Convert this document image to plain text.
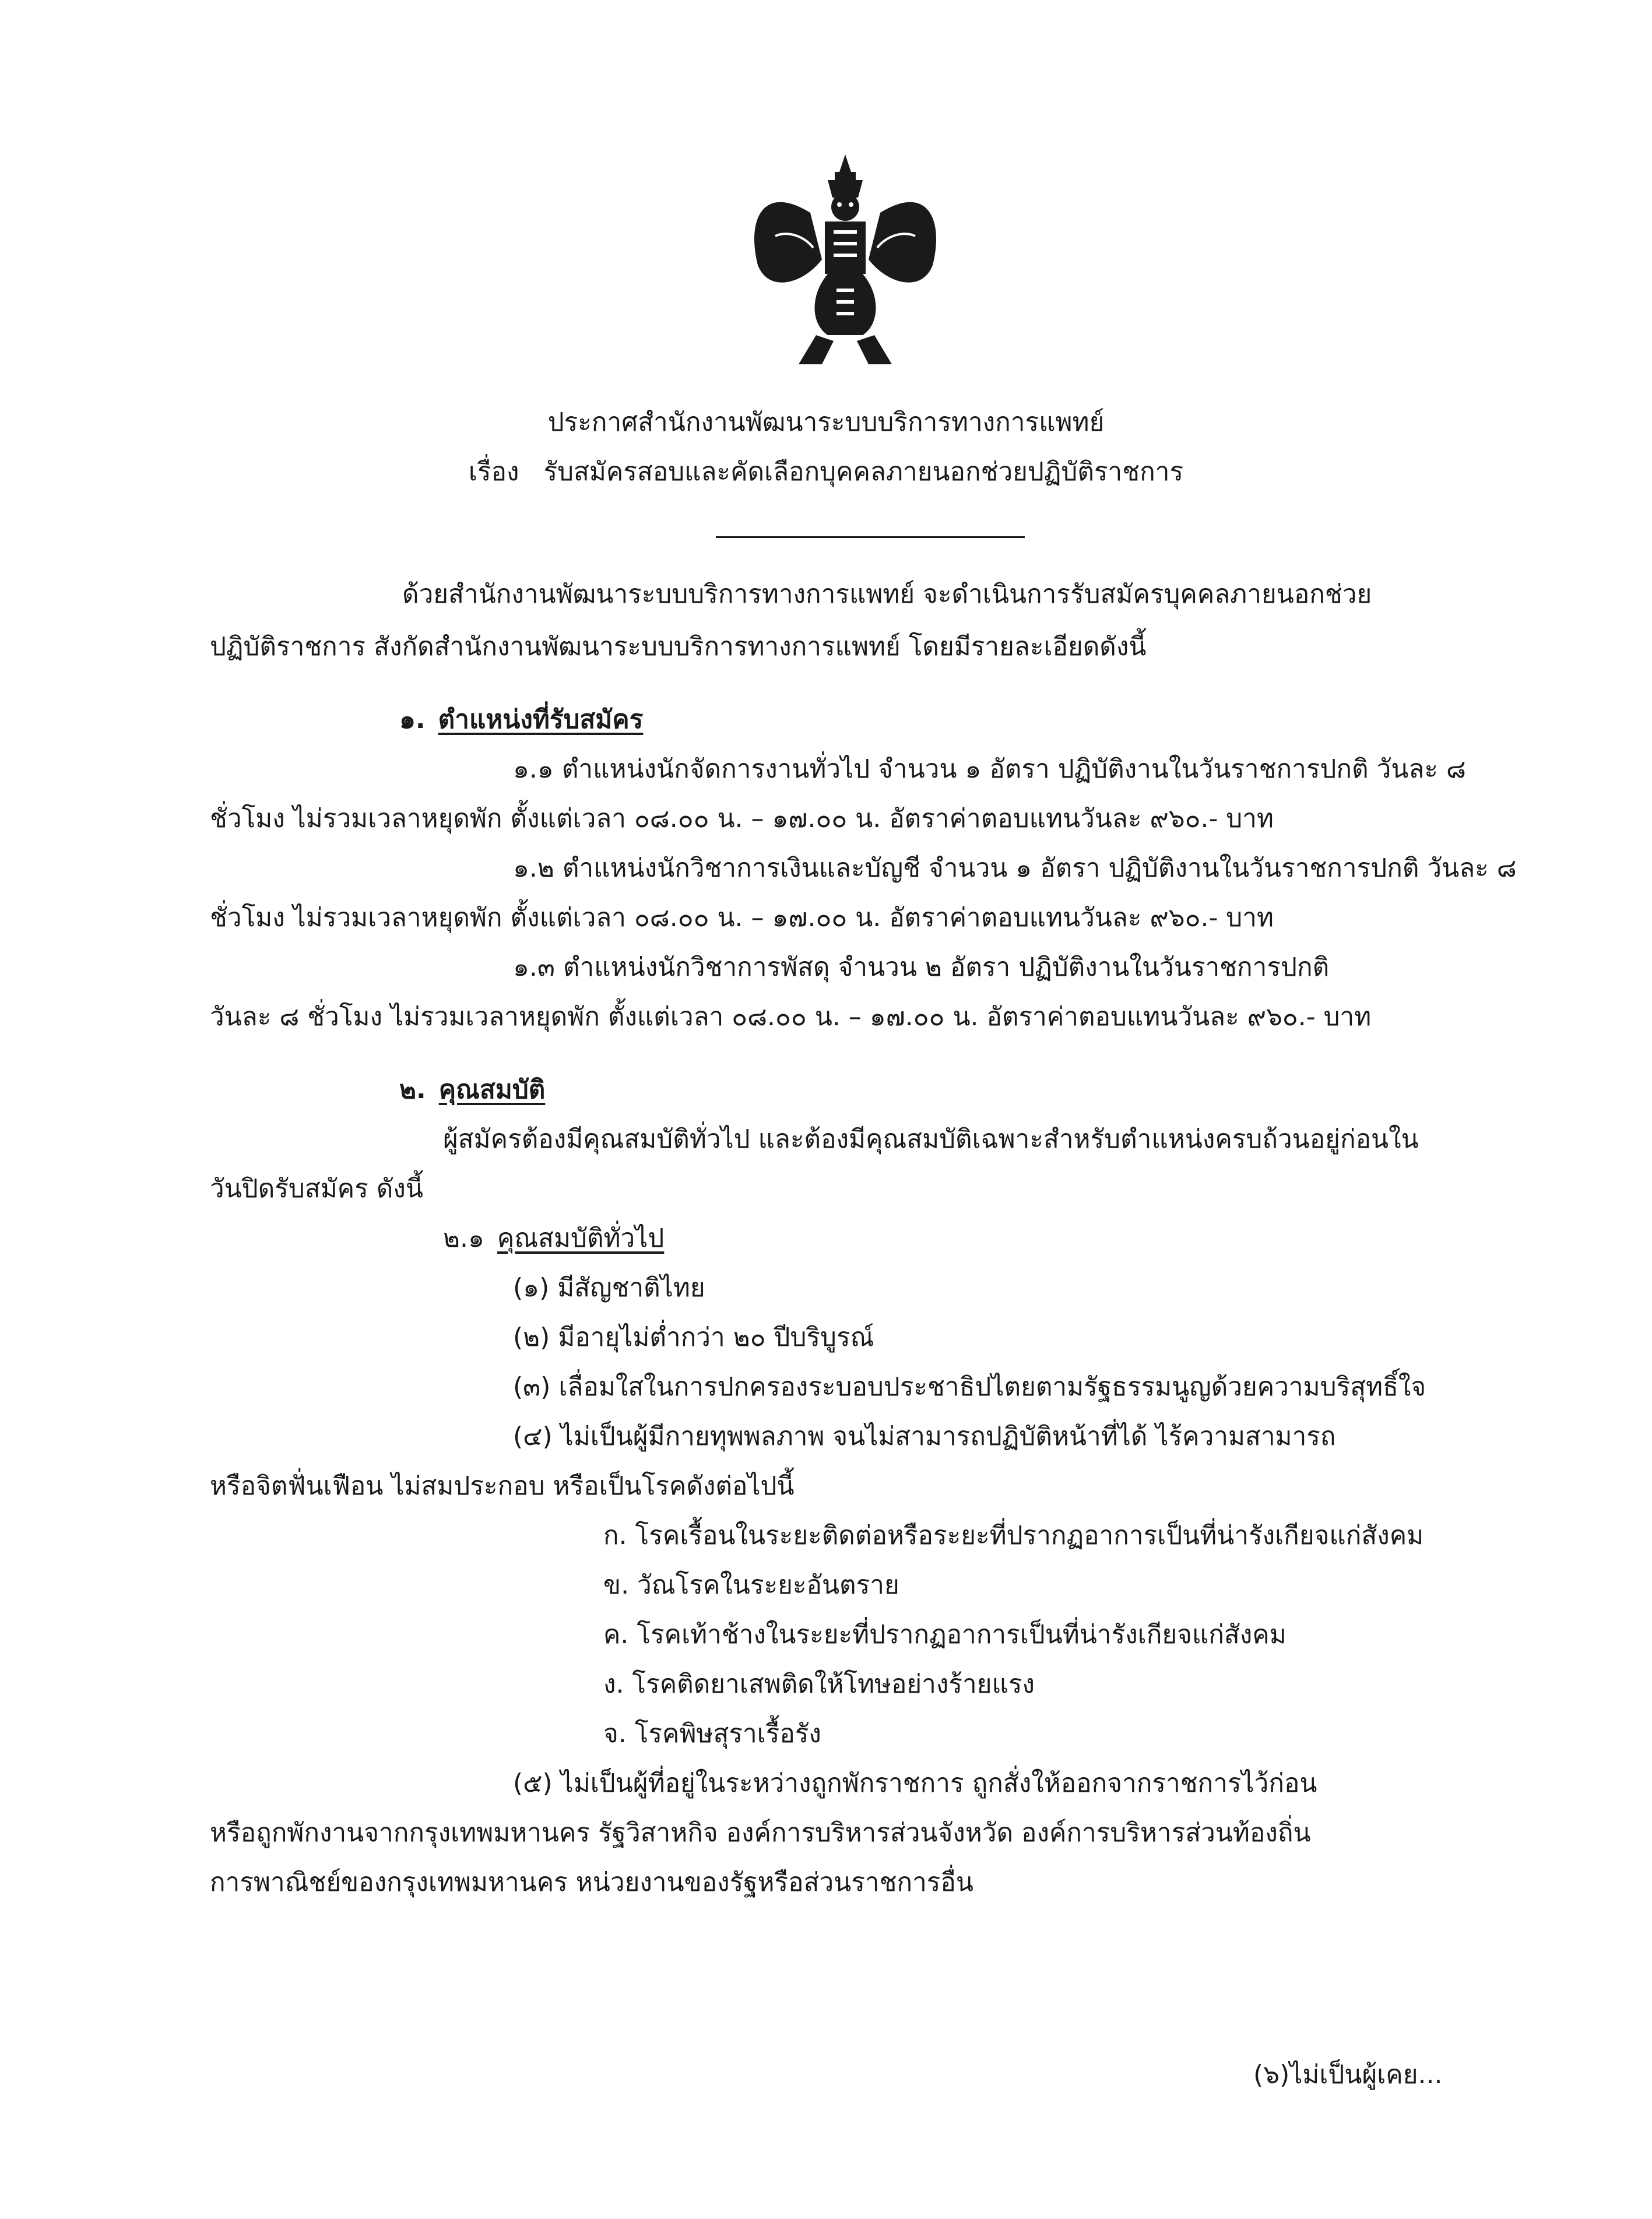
ประกาศสำนักงานพัฒนาระบบบริการทางการแพทย์
เรื่อง รับสมัครสอบและคัดเลือกบุคคลภายนอกช่วยปฏิบัติราชการ
ด้วยสำนักงานพัฒนาระบบบริการทางการแพทย์ จะดำเนินการรับสมัครบุคคลภายนอกช่วย
ปฏิบัติราชการ สังกัดสำนักงานพัฒนาระบบบริการทางการแพทย์ โดยมีรายละเอียดดังนี้
๑. ตำแหน่งที่รับสมัคร
๑.๑ ตำแหน่งนักจัดการงานทั่วไป จำนวน ๑ อัตรา ปฏิบัติงานในวันราชการปกติ วันละ ๘
ชั่วโมง ไม่รวมเวลาหยุดพัก ตั้งแต่เวลา ๐๘.๐๐ น. – ๑๗.๐๐ น. อัตราค่าตอบแทนวันละ ๙๖๐.- บาท
๑.๒ ตำแหน่งนักวิชาการเงินและบัญชี จำนวน ๑ อัตรา ปฏิบัติงานในวันราชการปกติ วันละ ๘
ชั่วโมง ไม่รวมเวลาหยุดพัก ตั้งแต่เวลา ๐๘.๐๐ น. – ๑๗.๐๐ น. อัตราค่าตอบแทนวันละ ๙๖๐.- บาท
๑.๓ ตำแหน่งนักวิชาการพัสดุ จำนวน ๒ อัตรา ปฏิบัติงานในวันราชการปกติ
วันละ ๘ ชั่วโมง ไม่รวมเวลาหยุดพัก ตั้งแต่เวลา ๐๘.๐๐ น. – ๑๗.๐๐ น. อัตราค่าตอบแทนวันละ ๙๖๐.- บาท
๒. คุณสมบัติ
ผู้สมัครต้องมีคุณสมบัติทั่วไป และต้องมีคุณสมบัติเฉพาะสำหรับตำแหน่งครบถ้วนอยู่ก่อนใน
วันปิดรับสมัคร ดังนี้
๒.๑ คุณสมบัติทั่วไป
(๑) มีสัญชาติไทย
(๒) มีอายุไม่ต่ำกว่า ๒๐ ปีบริบูรณ์
(๓) เลื่อมใสในการปกครองระบอบประชาธิปไตยตามรัฐธรรมนูญด้วยความบริสุทธิ์ใจ
(๔) ไม่เป็นผู้มีกายทุพพลภาพ จนไม่สามารถปฏิบัติหน้าที่ได้ ไร้ความสามารถ
หรือจิตฟั่นเฟือน ไม่สมประกอบ หรือเป็นโรคดังต่อไปนี้
ก. โรคเรื้อนในระยะติดต่อหรือระยะที่ปรากฏอาการเป็นที่น่ารังเกียจแก่สังคม
ข. วัณโรคในระยะอันตราย
ค. โรคเท้าช้างในระยะที่ปรากฏอาการเป็นที่น่ารังเกียจแก่สังคม
ง. โรคติดยาเสพติดให้โทษอย่างร้ายแรง
จ. โรคพิษสุราเรื้อรัง
(๕) ไม่เป็นผู้ที่อยู่ในระหว่างถูกพักราชการ ถูกสั่งให้ออกจากราชการไว้ก่อน
หรือถูกพักงานจากกรุงเทพมหานคร รัฐวิสาหกิจ องค์การบริหารส่วนจังหวัด องค์การบริหารส่วนท้องถิ่น
การพาณิชย์ของกรุงเทพมหานคร หน่วยงานของรัฐหรือส่วนราชการอื่น
(๖)ไม่เป็นผู้เคย...
